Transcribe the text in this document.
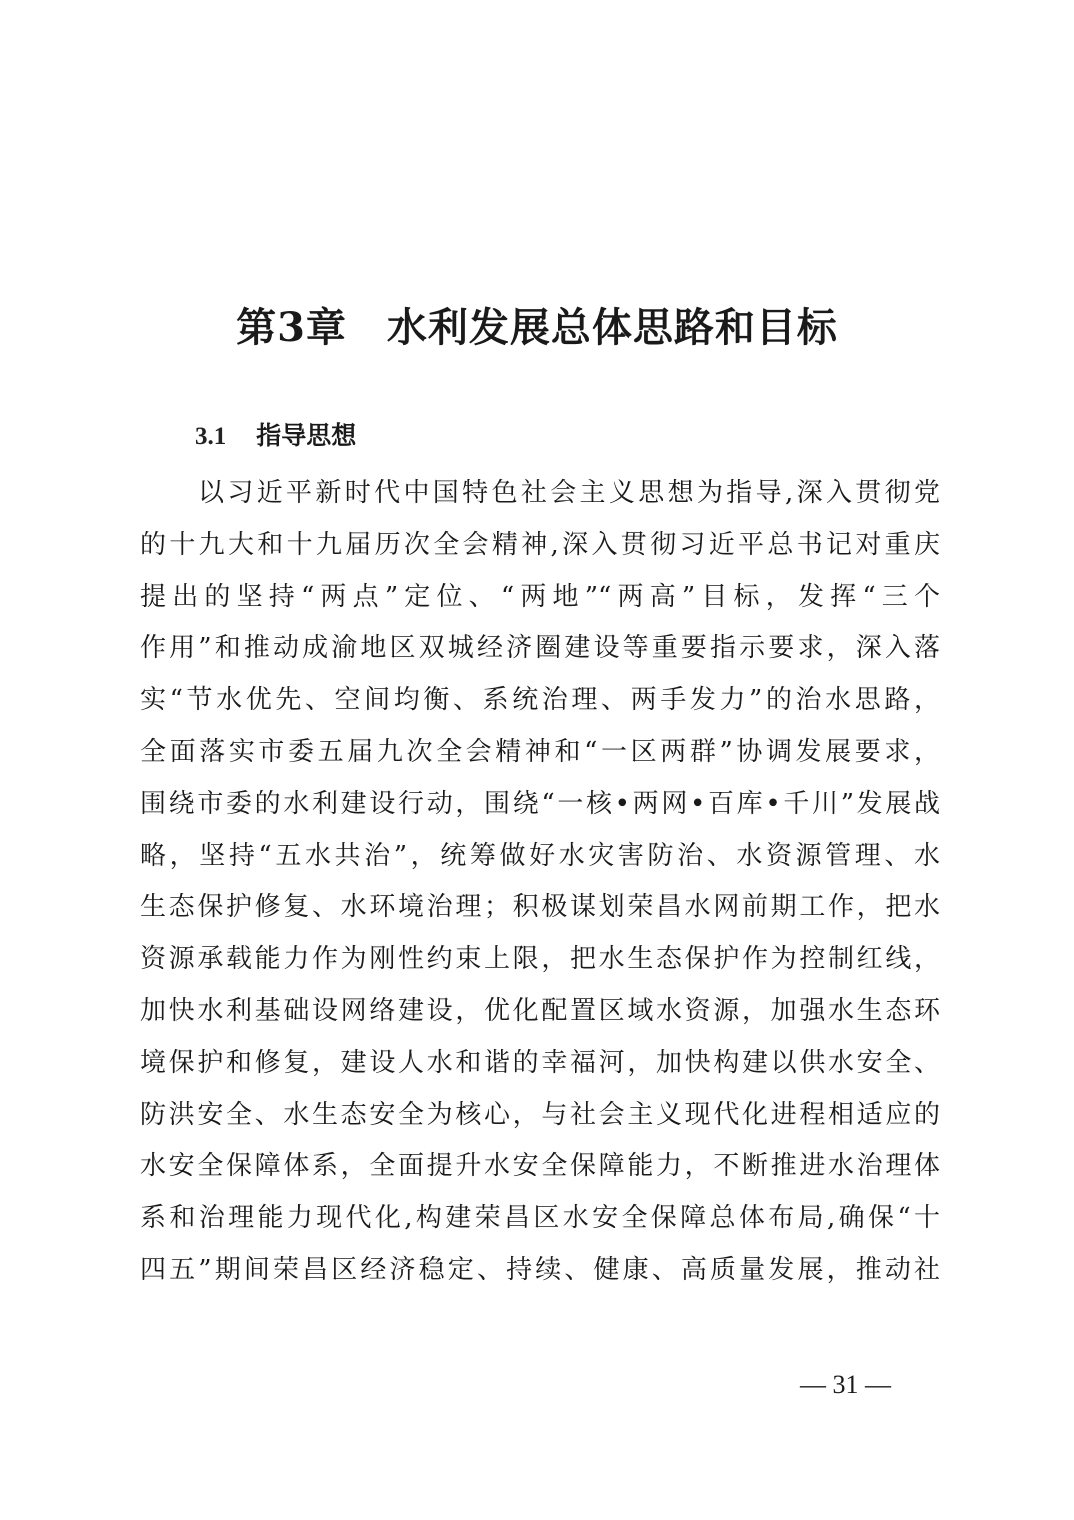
第3章 水利发展总体思路和目标
3.1 指导思想
以习近平新时代中国特色社会主义思想为指导,深入贯彻党
的十九大和十九届历次全会精神,深入贯彻习近平总书记对重庆
提出的坚持“两点”定位、“两地”“两高”目标，发挥“三个
作用”和推动成渝地区双城经济圈建设等重要指示要求，深入落
实“节水优先、空间均衡、系统治理、两手发力”的治水思路，
全面落实市委五届九次全会精神和“一区两群”协调发展要求，
围绕市委的水利建设行动，围绕“一核•两网•百库•千川”发展战
略，坚持“五水共治”，统筹做好水灾害防治、水资源管理、水
生态保护修复、水环境治理；积极谋划荣昌水网前期工作，把水
资源承载能力作为刚性约束上限，把水生态保护作为控制红线，
加快水利基础设网络建设，优化配置区域水资源，加强水生态环
境保护和修复，建设人水和谐的幸福河，加快构建以供水安全、
防洪安全、水生态安全为核心，与社会主义现代化进程相适应的
水安全保障体系，全面提升水安全保障能力，不断推进水治理体
系和治理能力现代化,构建荣昌区水安全保障总体布局,确保“十
四五”期间荣昌区经济稳定、持续、健康、高质量发展，推动社
— 31 —
